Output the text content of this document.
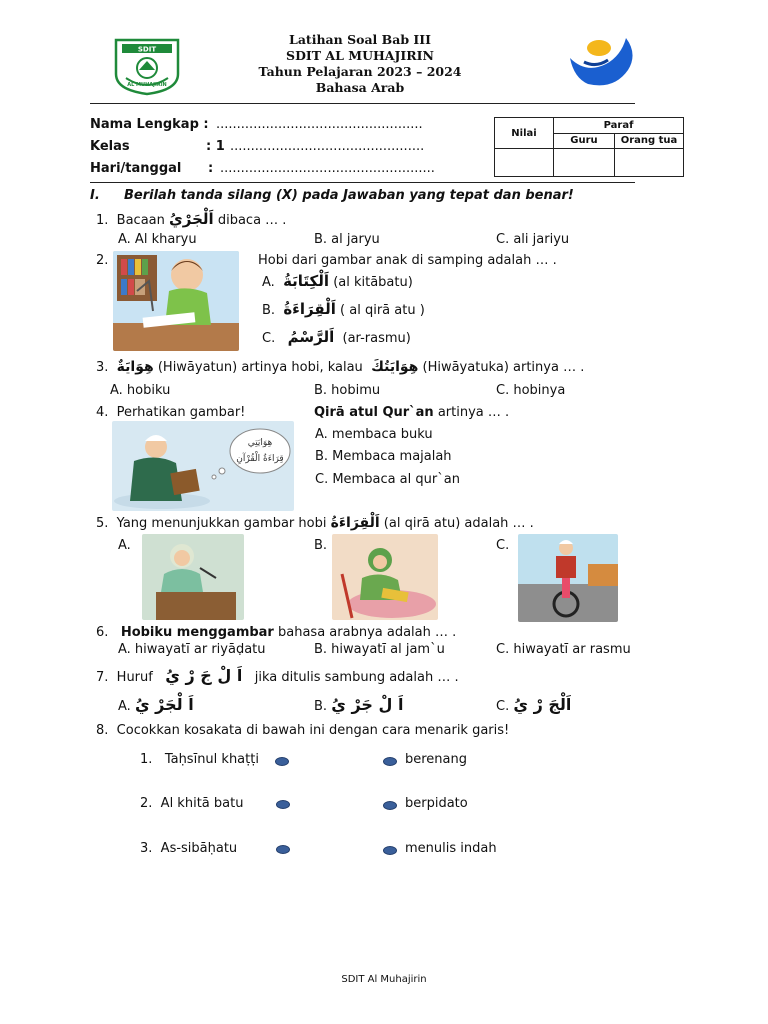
SDIT
AL MUHAJIRIN
Latihan Soal Bab III
SDIT AL MUHAJIRIN
Tahun Pelajaran 2023 – 2024
Bahasa Arab
Nama Lengkap : ..................................................
Kelas	: 1 ...............................................
Hari/tanggal : ....................................................
Nilai	Paraf	
	Guru	Orang tua

I. Berilah tanda silang (X) pada Jawaban yang tepat dan benar!
1. Bacaan اَلْجَرْيُ dibaca … .
A. Al kharyu	B. al jaryu	C. ali jariyu
2.	Hobi dari gambar anak di samping adalah … .
A. اَلْكِتَابَةُ (al kitābatu)
B. اَلْقِرَاءَةُ ( al qirā atu )
C. اَلرَّسْمُ (ar-rasmu)
3. هِوَايَةٌ (Hiwāyatun) artinya hobi, kalau هِوَايَتُكَ (Hiwāyatuka) artinya … .
A. hobiku	B. hobimu	C. hobinya
4. Perhatikan gambar!	Qirā atul Qur`an artinya … .
هِوَايَتِي
قِرَاءَةُ الْقُرْآنِ
A. membaca buku
B. Membaca majalah
C. Membaca al qur`an
5. Yang menunjukkan gambar hobi اَلْقِرَاءَةُ (al qirā atu) adalah … .
A.	B.	C.
6. Hobiku menggambar bahasa arabnya adalah … .
A. hiwayatī ar riyāḍatu	B. hiwayatī al jam`u	C. hiwayatī ar rasmu
7. Huruf اَ لْ جَ رْ يُ jika ditulis sambung adalah … .
A. اَ لْجَرْ يُ	B. اَ لْ جَرْ يُ	C. اَلْجَ رْ يُ
8. Cocokkan kosakata di bawah ini dengan cara menarik garis!
1. Taḥsīnul khaṭṭi	berenang
2. Al khitā batu	berpidato
3. As-sibāḥatu	menulis indah
SDIT Al Muhajirin
